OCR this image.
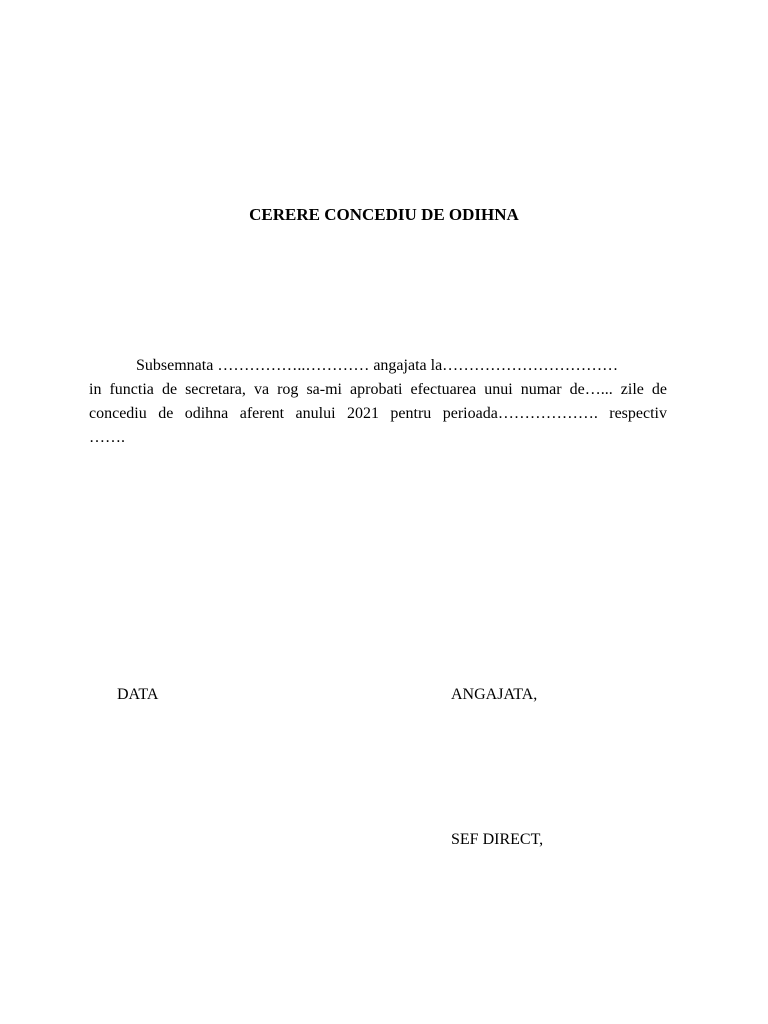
CERERE CONCEDIU DE ODIHNA
Subsemnata ……………..………… angajata la……………………………
in functia de secretara, va rog sa-mi aprobati efectuarea unui numar de…... zile de
concediu de odihna aferent anului 2021 pentru perioada………………. respectiv
…….

DATA	ANGAJATA,

SEF DIRECT,
